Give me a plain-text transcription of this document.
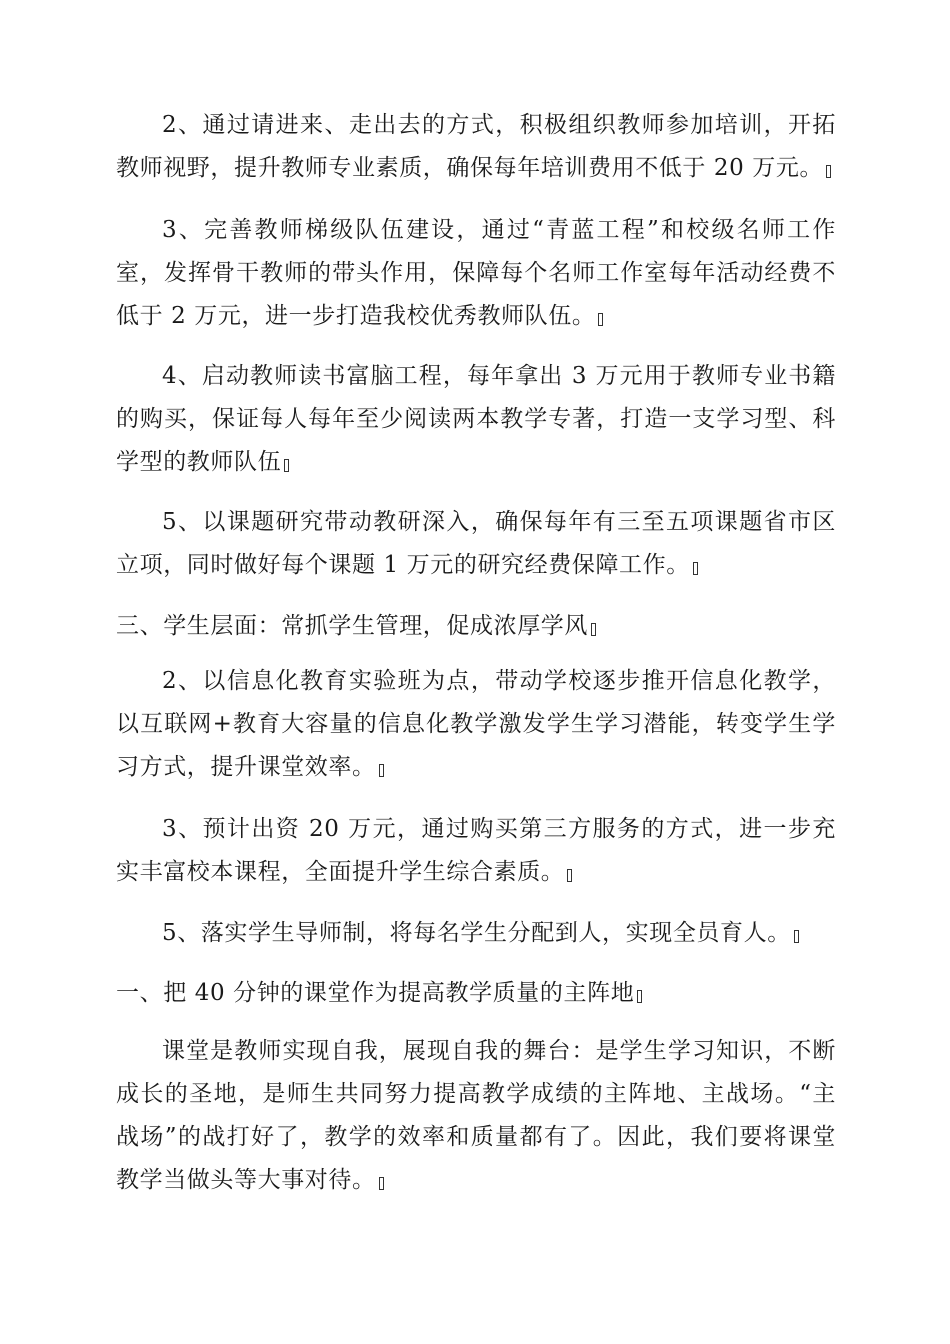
2、通过请进来、走出去的方式，积极组织教师参加培训，开拓教师视野，提升教师专业素质，确保每年培训费用不低于 20 万元。

3、完善教师梯级队伍建设，通过“青蓝工程”和校级名师工作室，发挥骨干教师的带头作用，保障每个名师工作室每年活动经费不低于 2 万元，进一步打造我校优秀教师队伍。

4、启动教师读书富脑工程，每年拿出 3 万元用于教师专业书籍的购买，保证每人每年至少阅读两本教学专著，打造一支学习型、科学型的教师队伍

5、以课题研究带动教研深入，确保每年有三至五项课题省市区立项，同时做好每个课题 1 万元的研究经费保障工作。

三、学生层面：常抓学生管理，促成浓厚学风

2、以信息化教育实验班为点，带动学校逐步推开信息化教学，以互联网+教育大容量的信息化教学激发学生学习潜能，转变学生学习方式，提升课堂效率。

3、预计出资 20 万元，通过购买第三方服务的方式，进一步充实丰富校本课程，全面提升学生综合素质。

5、落实学生导师制，将每名学生分配到人，实现全员育人。

一、把 40 分钟的课堂作为提高教学质量的主阵地

课堂是教师实现自我，展现自我的舞台：是学生学习知识，不断成长的圣地，是师生共同努力提高教学成绩的主阵地、主战场。“主战场”的战打好了，教学的效率和质量都有了。因此，我们要将课堂教学当做头等大事对待。
